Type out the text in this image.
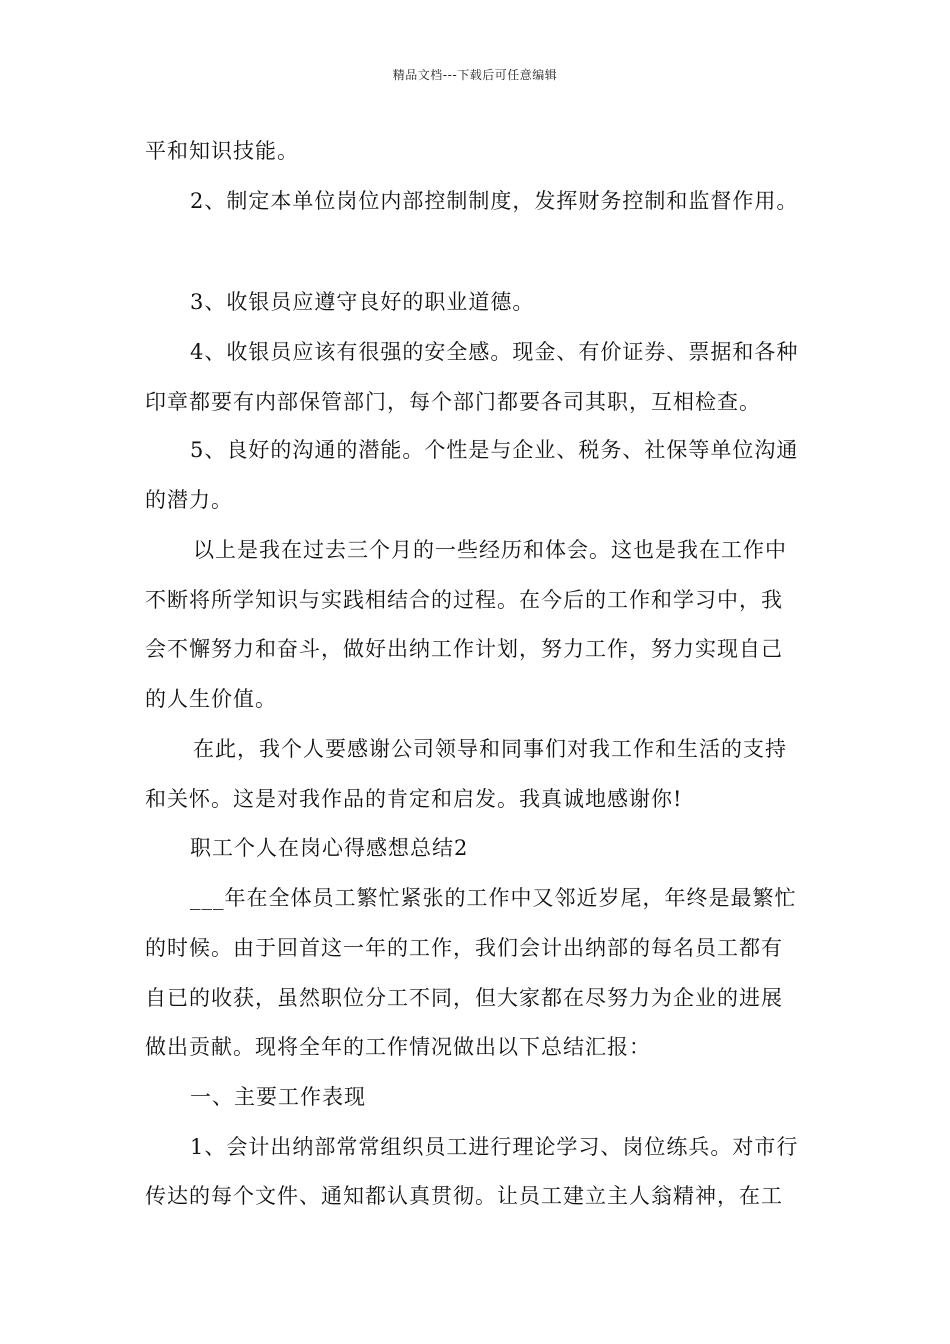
精品文档---下载后可任意编辑
平和知识技能。
2、制定本单位岗位内部控制制度，发挥财务控制和监督作用。
3、收银员应遵守良好的职业道德。
4、收银员应该有很强的安全感。现金、有价证券、票据和各种
印章都要有内部保管部门，每个部门都要各司其职，互相检查。
5、良好的沟通的潜能。个性是与企业、税务、社保等单位沟通
的潜力。
以上是我在过去三个月的一些经历和体会。这也是我在工作中
不断将所学知识与实践相结合的过程。在今后的工作和学习中，我
会不懈努力和奋斗，做好出纳工作计划，努力工作，努力实现自己
的人生价值。
在此，我个人要感谢公司领导和同事们对我工作和生活的支持
和关怀。这是对我作品的肯定和启发。我真诚地感谢你!
职工个人在岗心得感想总结2
___年在全体员工繁忙紧张的工作中又邻近岁尾，年终是最繁忙
的时候。由于回首这一年的工作，我们会计出纳部的每名员工都有
自已的收获，虽然职位分工不同，但大家都在尽努力为企业的进展
做出贡献。现将全年的工作情况做出以下总结汇报：
一、主要工作表现
1、会计出纳部常常组织员工进行理论学习、岗位练兵。对市行
传达的每个文件、通知都认真贯彻。让员工建立主人翁精神，在工
